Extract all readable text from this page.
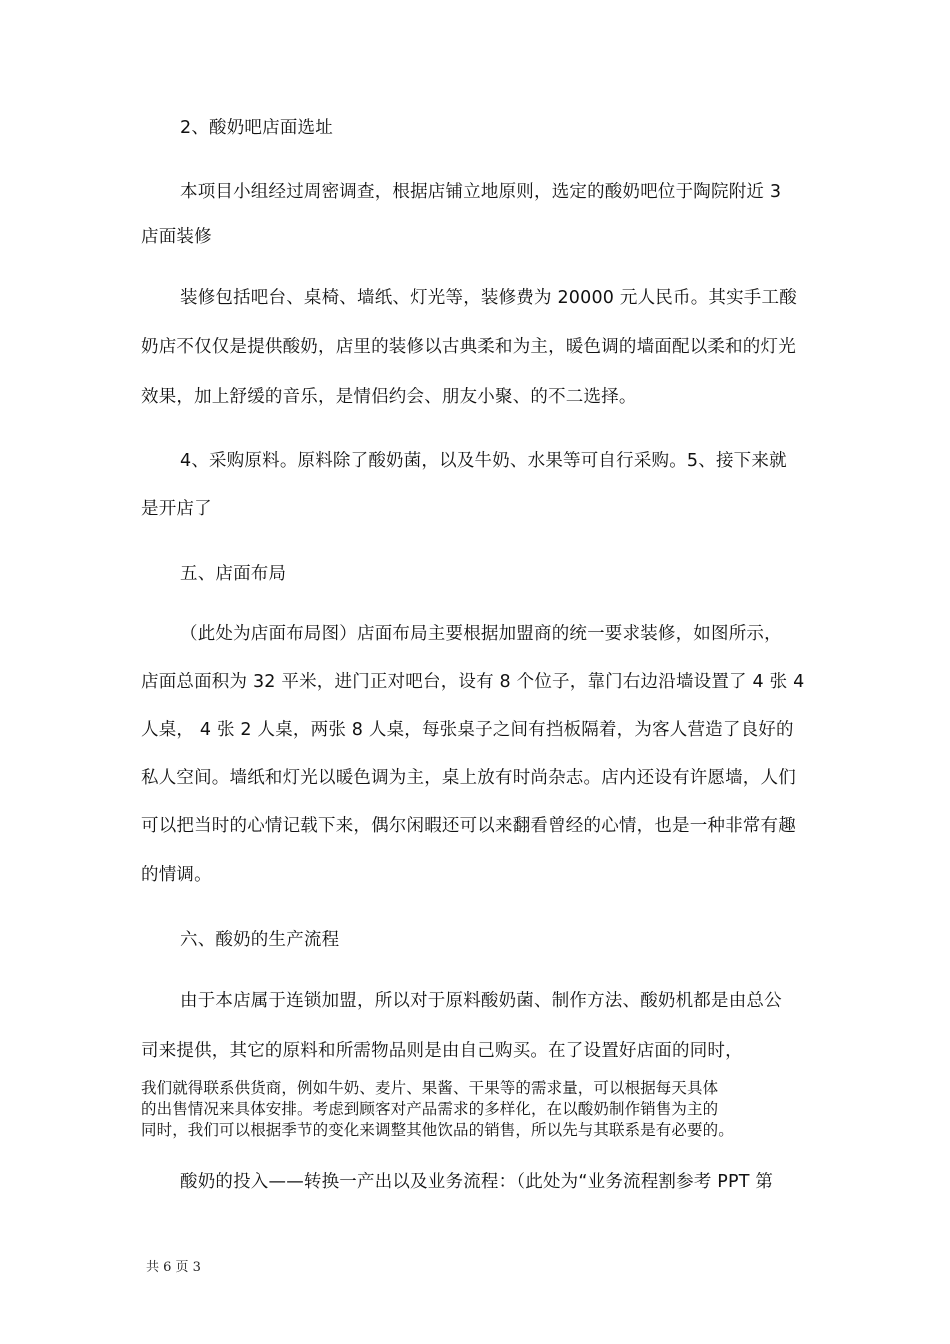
2、酸奶吧店面选址
本项目小组经过周密调查，根据店铺立地原则，选定的酸奶吧位于陶院附近 3
店面装修
装修包括吧台、桌椅、墙纸、灯光等，装修费为 20000 元人民币。其实手工酸
奶店不仅仅是提供酸奶，店里的装修以古典柔和为主，暖色调的墙面配以柔和的灯光
效果，加上舒缓的音乐，是情侣约会、朋友小聚、的不二选择。
4、采购原料。原料除了酸奶菌，以及牛奶、水果等可自行采购。5、接下来就
是开店了
五、店面布局
（此处为店面布局图）店面布局主要根据加盟商的统一要求装修，如图所示，
店面总面积为 32 平米，进门正对吧台，设有 8 个位子，靠门右边沿墙设置了 4 张 4
人桌， 4 张 2 人桌，两张 8 人桌，每张桌子之间有挡板隔着，为客人营造了良好的
私人空间。墙纸和灯光以暖色调为主，桌上放有时尚杂志。店内还设有许愿墙，人们
可以把当时的心情记载下来，偶尔闲暇还可以来翻看曾经的心情，也是一种非常有趣
的情调。
六、酸奶的生产流程
由于本店属于连锁加盟，所以对于原料酸奶菌、制作方法、酸奶机都是由总公
司来提供，其它的原料和所需物品则是由自己购买。在了设置好店面的同时，
我们就得联系供货商，例如牛奶、麦片、果酱、干果等的需求量，可以根据每天具体
的出售情况来具体安排。考虑到顾客对产品需求的多样化，在以酸奶制作销售为主的
同时，我们可以根据季节的变化来调整其他饮品的销售，所以先与其联系是有必要的。
酸奶的投入——转换一产出以及业务流程：（此处为“业务流程割参考 PPT 第
共 6 页 3
